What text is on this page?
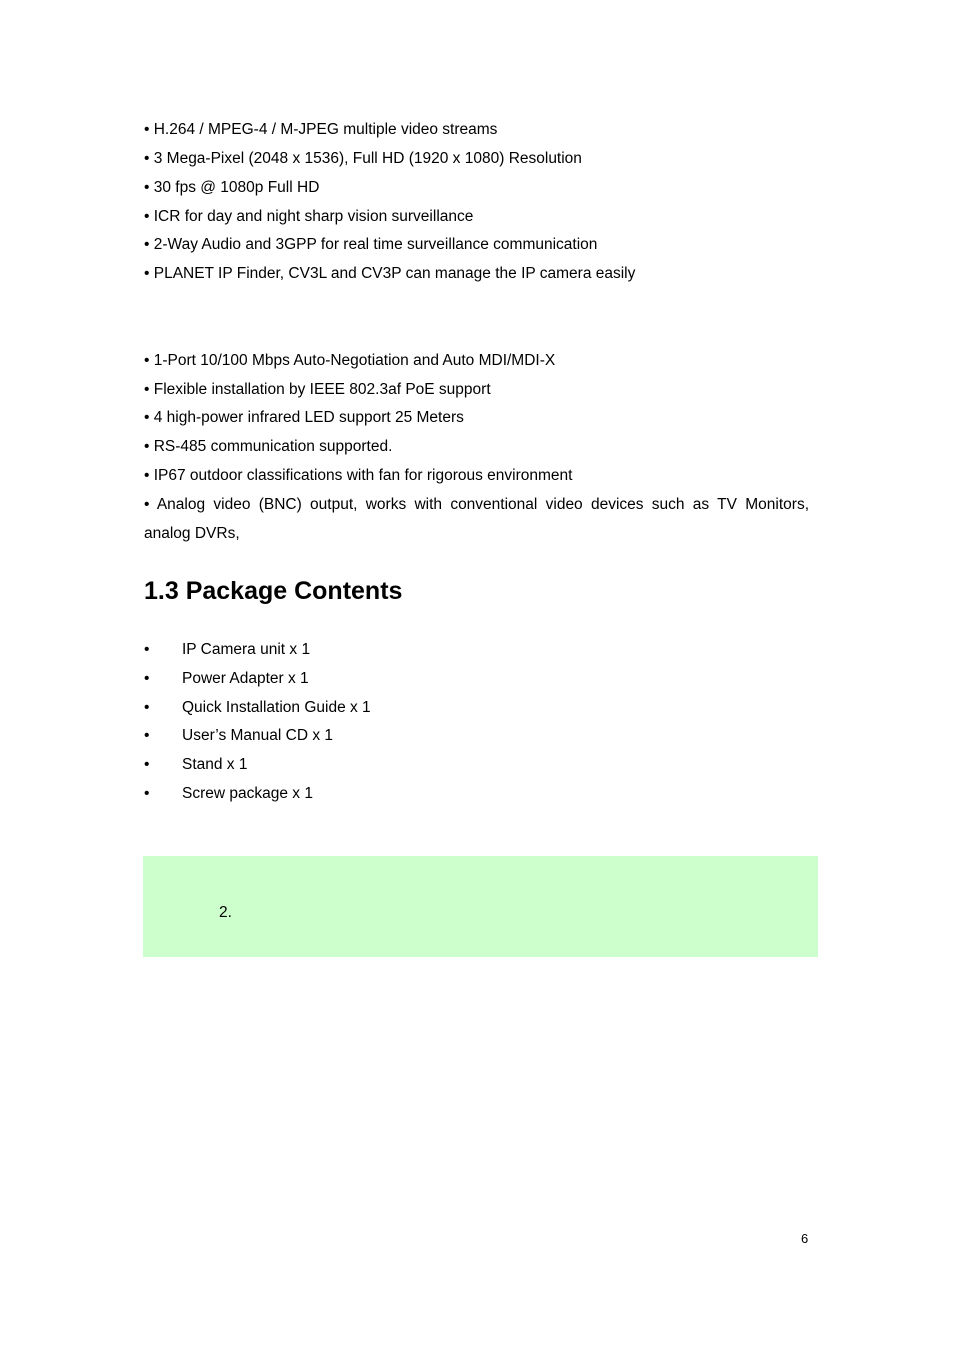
• H.264 / MPEG-4 / M-JPEG multiple video streams
• 3 Mega-Pixel (2048 x 1536), Full HD (1920 x 1080) Resolution
• 30 fps @ 1080p Full HD
• ICR for day and night sharp vision surveillance
• 2-Way Audio and 3GPP for real time surveillance communication
• PLANET IP Finder, CV3L and CV3P can manage the IP camera easily
• 1-Port 10/100 Mbps Auto-Negotiation and Auto MDI/MDI-X
• Flexible installation by IEEE 802.3af PoE support
• 4 high-power infrared LED support 25 Meters
• RS-485 communication supported.
• IP67 outdoor classifications with fan for rigorous environment
• Analog video (BNC) output, works with conventional video devices such as TV Monitors,
analog DVRs,
1.3 Package Contents
• IP Camera unit x 1
• Power Adapter x 1
• Quick Installation Guide x 1
• User’s Manual CD x 1
• Stand x 1
• Screw package x 1
2.
6
